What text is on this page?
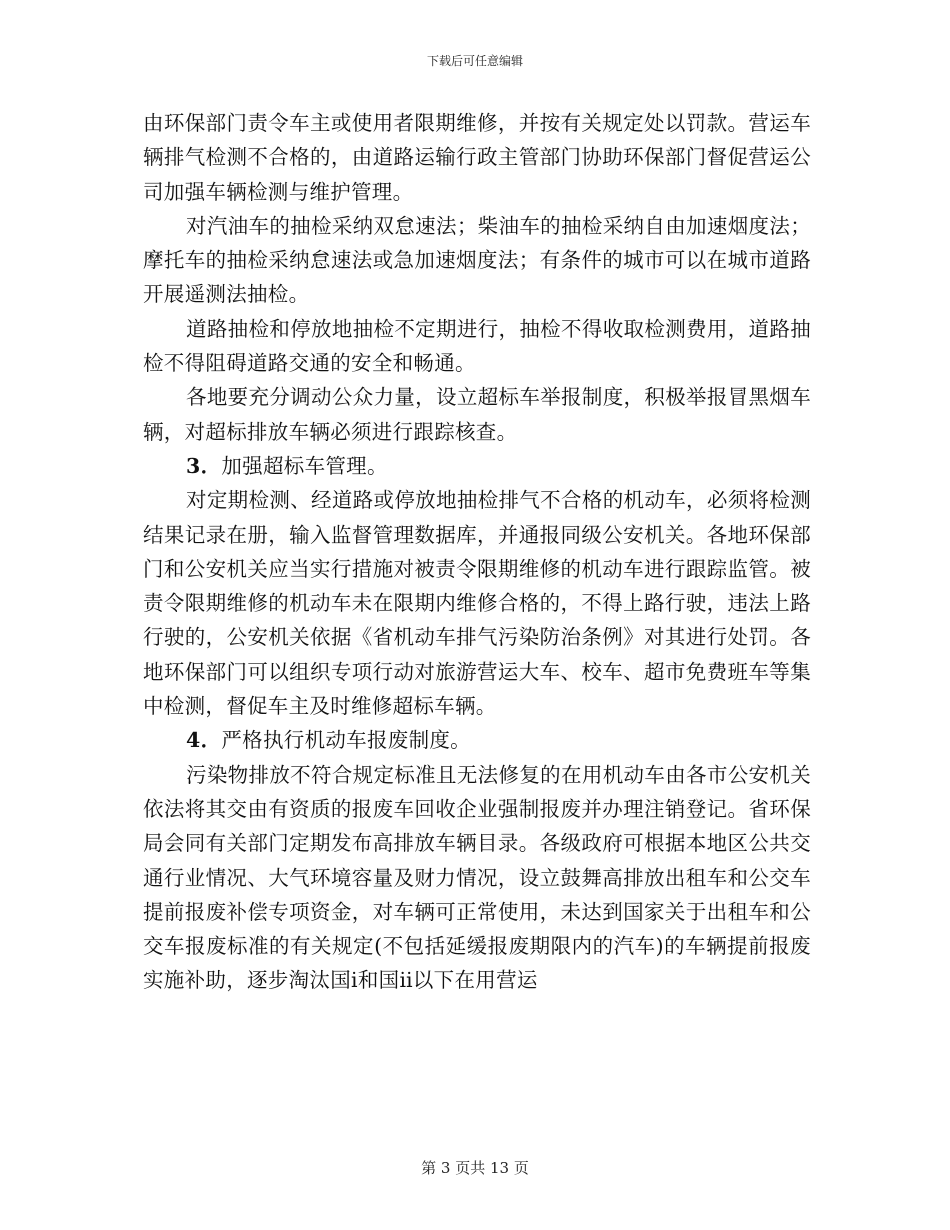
下载后可任意编辑

由环保部门责令车主或使用者限期维修，并按有关规定处以罚款。营运车辆排气检测不合格的，由道路运输行政主管部门协助环保部门督促营运公司加强车辆检测与维护管理。

对汽油车的抽检采纳双怠速法；柴油车的抽检采纳自由加速烟度法；摩托车的抽检采纳怠速法或急加速烟度法；有条件的城市可以在城市道路开展遥测法抽检。

道路抽检和停放地抽检不定期进行，抽检不得收取检测费用，道路抽检不得阻碍道路交通的安全和畅通。

各地要充分调动公众力量，设立超标车举报制度，积极举报冒黑烟车辆，对超标排放车辆必须进行跟踪核查。

3．加强超标车管理。

对定期检测、经道路或停放地抽检排气不合格的机动车，必须将检测结果记录在册，输入监督管理数据库，并通报同级公安机关。各地环保部门和公安机关应当实行措施对被责令限期维修的机动车进行跟踪监管。被责令限期维修的机动车未在限期内维修合格的，不得上路行驶，违法上路行驶的，公安机关依据《省机动车排气污染防治条例》对其进行处罚。各地环保部门可以组织专项行动对旅游营运大车、校车、超市免费班车等集中检测，督促车主及时维修超标车辆。

4．严格执行机动车报废制度。

污染物排放不符合规定标准且无法修复的在用机动车由各市公安机关依法将其交由有资质的报废车回收企业强制报废并办理注销登记。省环保局会同有关部门定期发布高排放车辆目录。各级政府可根据本地区公共交通行业情况、大气环境容量及财力情况，设立鼓舞高排放出租车和公交车提前报废补偿专项资金，对车辆可正常使用，未达到国家关于出租车和公交车报废标准的有关规定(不包括延缓报废期限内的汽车)的车辆提前报废实施补助，逐步淘汰国ⅰ和国ⅱ以下在用营运

第 3 页共 13 页
